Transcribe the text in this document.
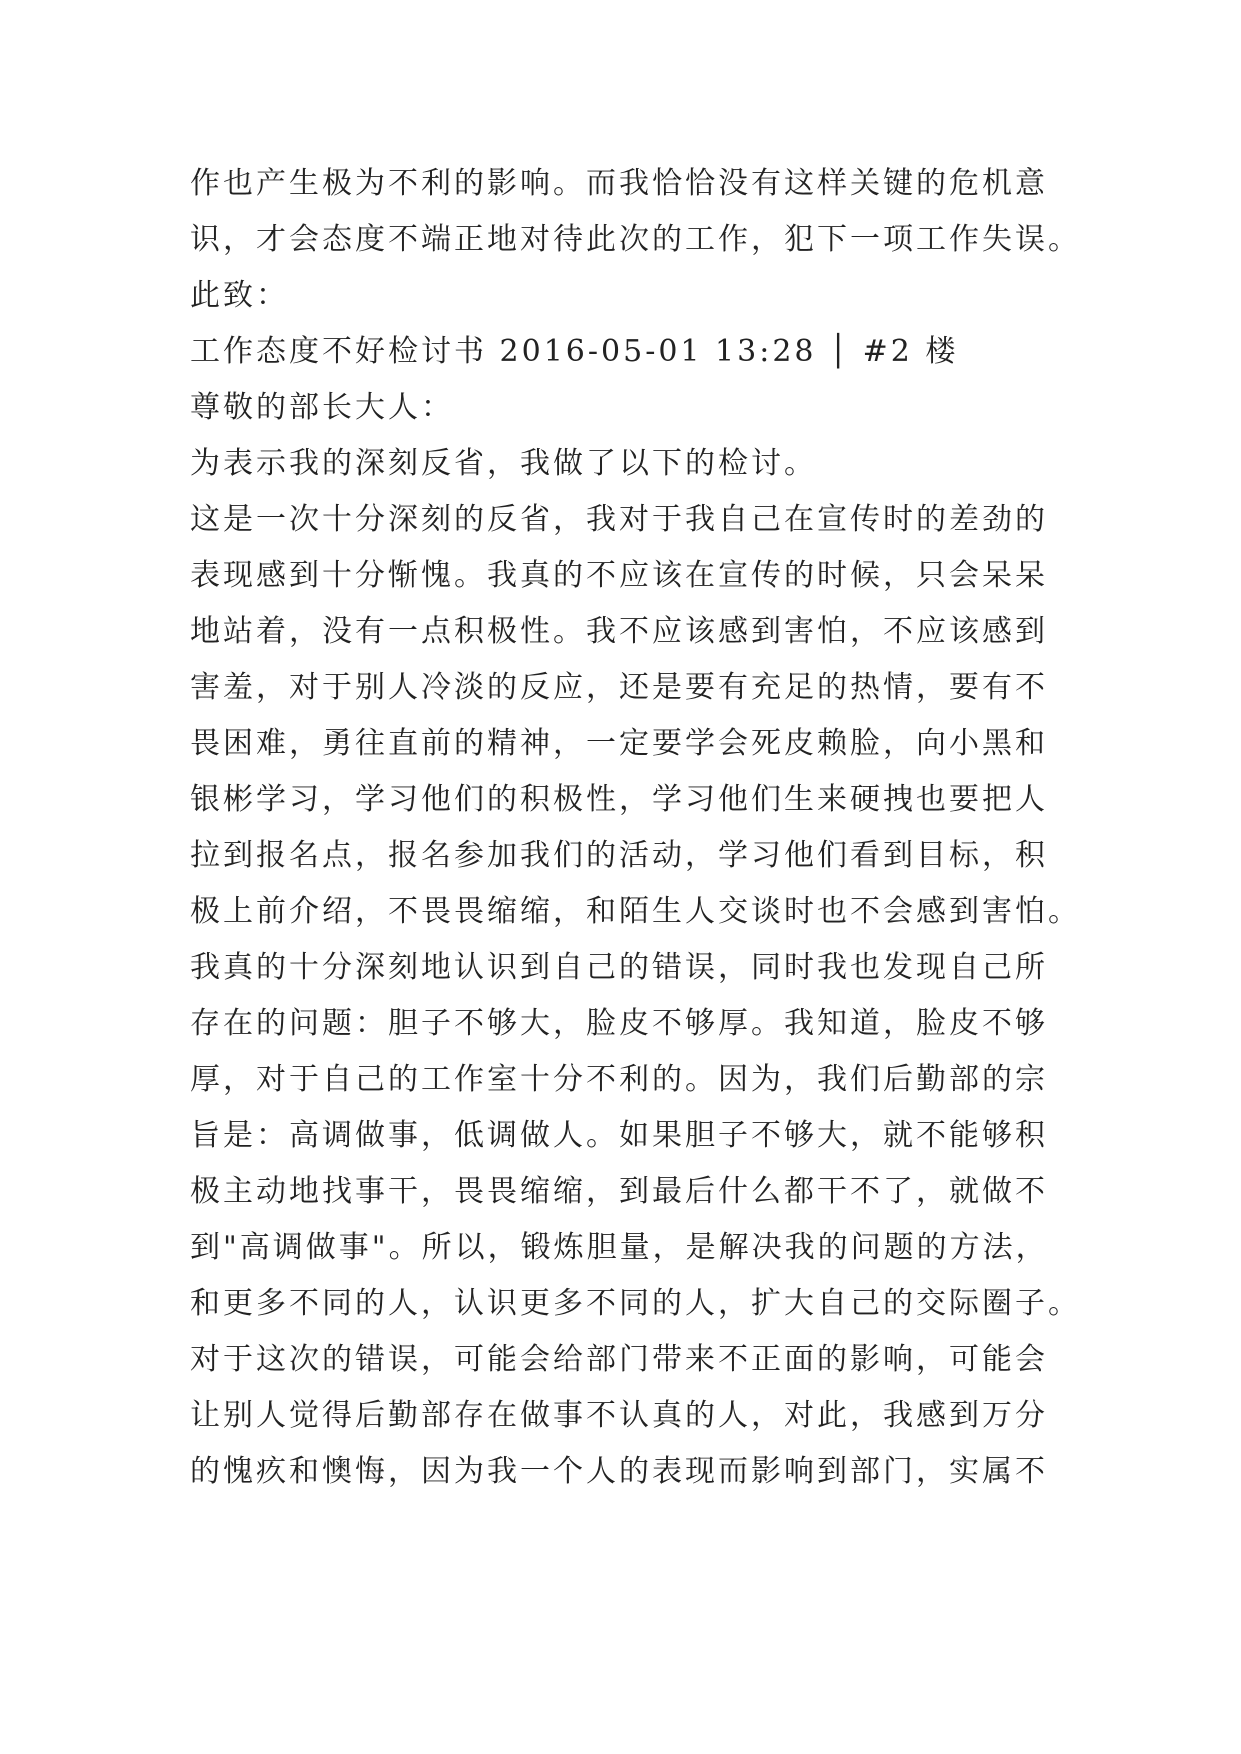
作也产生极为不利的影响。而我恰恰没有这样关键的危机意
识，才会态度不端正地对待此次的工作，犯下一项工作失误。
此致：
工作态度不好检讨书 2016-05-01 13:28 │ #2 楼
尊敬的部长大人：
为表示我的深刻反省，我做了以下的检讨。
这是一次十分深刻的反省，我对于我自己在宣传时的差劲的
表现感到十分惭愧。我真的不应该在宣传的时候，只会呆呆
地站着，没有一点积极性。我不应该感到害怕，不应该感到
害羞，对于别人冷淡的反应，还是要有充足的热情，要有不
畏困难，勇往直前的精神，一定要学会死皮赖脸，向小黑和
银彬学习，学习他们的积极性，学习他们生来硬拽也要把人
拉到报名点，报名参加我们的活动，学习他们看到目标，积
极上前介绍，不畏畏缩缩，和陌生人交谈时也不会感到害怕。
我真的十分深刻地认识到自己的错误，同时我也发现自己所
存在的问题：胆子不够大，脸皮不够厚。我知道，脸皮不够
厚，对于自己的工作室十分不利的。因为，我们后勤部的宗
旨是：高调做事，低调做人。如果胆子不够大，就不能够积
极主动地找事干，畏畏缩缩，到最后什么都干不了，就做不
到"高调做事"。所以，锻炼胆量，是解决我的问题的方法，
和更多不同的人，认识更多不同的人，扩大自己的交际圈子。
对于这次的错误，可能会给部门带来不正面的影响，可能会
让别人觉得后勤部存在做事不认真的人，对此，我感到万分
的愧疚和懊悔，因为我一个人的表现而影响到部门，实属不
